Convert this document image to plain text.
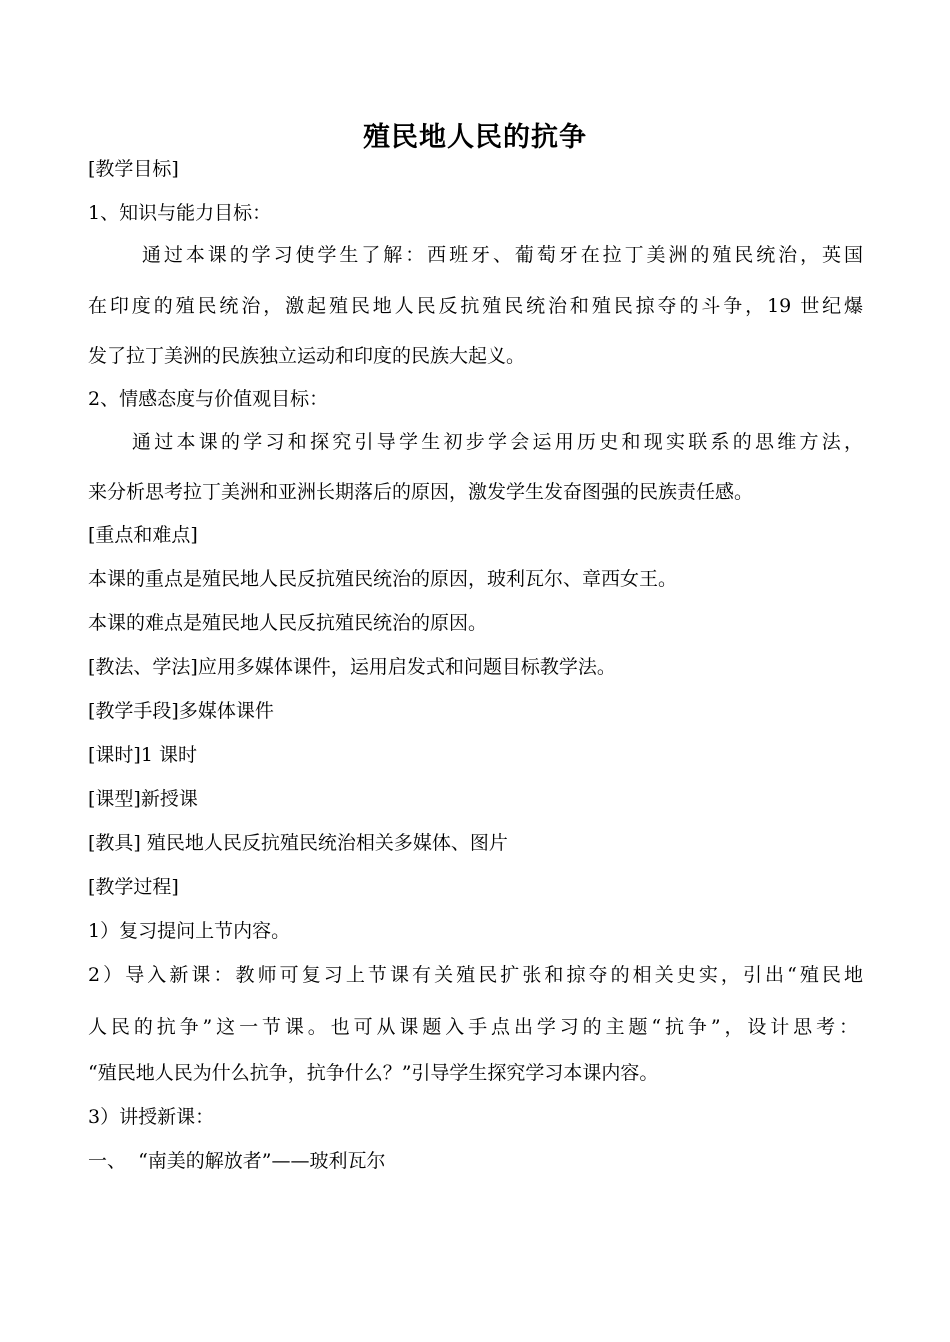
殖民地人民的抗争
[教学目标]
1、知识与能力目标：
通过本课的学习使学生了解：西班牙、葡萄牙在拉丁美洲的殖民统治，英国
在印度的殖民统治，激起殖民地人民反抗殖民统治和殖民掠夺的斗争，19 世纪爆
发了拉丁美洲的民族独立运动和印度的民族大起义。
2、情感态度与价值观目标：
通过本课的学习和探究引导学生初步学会运用历史和现实联系的思维方法，
来分析思考拉丁美洲和亚洲长期落后的原因，激发学生发奋图强的民族责任感。
[重点和难点]
本课的重点是殖民地人民反抗殖民统治的原因，玻利瓦尔、章西女王。
本课的难点是殖民地人民反抗殖民统治的原因。
[教法、学法]应用多媒体课件，运用启发式和问题目标教学法。
[教学手段]多媒体课件
[课时]1 课时
[课型]新授课
[教具] 殖民地人民反抗殖民统治相关多媒体、图片
[教学过程]
1）复习提问上节内容。
2）导入新课：教师可复习上节课有关殖民扩张和掠夺的相关史实，引出“殖民地
人民的抗争”这一节课。也可从课题入手点出学习的主题“抗争”，设计思考：
“殖民地人民为什么抗争，抗争什么？”引导学生探究学习本课内容。
3）讲授新课：
一、  “南美的解放者”——玻利瓦尔
